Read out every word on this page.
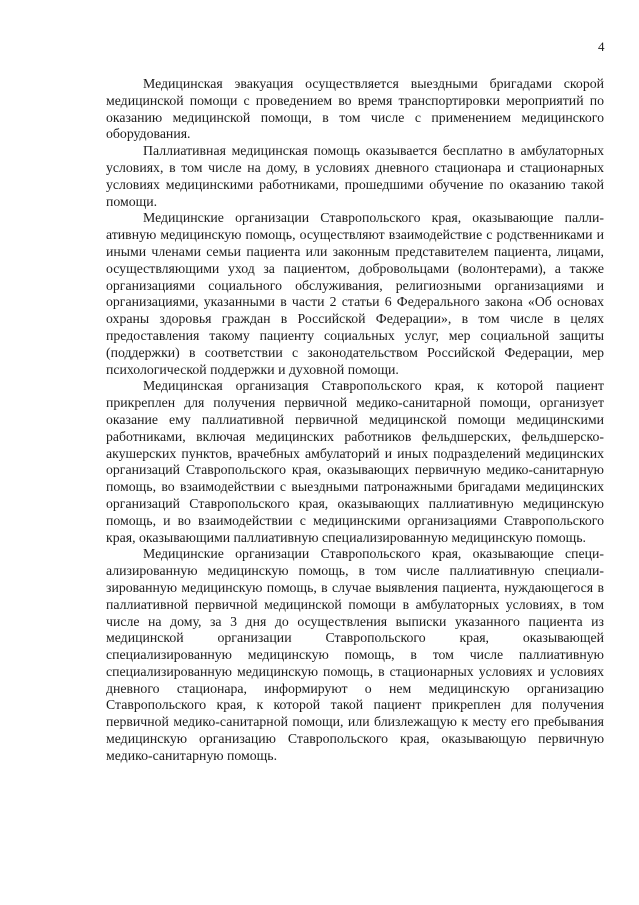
4

Медицинская эвакуация осуществляется выездными бригадами скорой медицинской помощи с проведением во время транспортировки мероприятий по оказанию медицинской помощи, в том числе с применением медицинского оборудования.

Паллиативная медицинская помощь оказывается бесплатно в амбулаторных условиях, в том числе на дому, в условиях дневного стационара и стационарных условиях медицинскими работниками, прошедшими обучение по оказанию такой помощи.

Медицинские организации Ставропольского края, оказывающие паллиативную медицинскую помощь, осуществляют взаимодействие с родственниками и иными членами семьи пациента или законным представителем пациента, лицами, осуществляющими уход за пациентом, добровольцами (волонтерами), а также организациями социального обслуживания, религиозными организациями и организациями, указанными в части 2 статьи 6 Федерального закона «Об основах охраны здоровья граждан в Российской Федерации», в том числе в целях предоставления такому пациенту социальных услуг, мер социальной защиты (поддержки) в соответствии с законодательством Российской Федерации, мер психологической поддержки и духовной помощи.

Медицинская организация Ставропольского края, к которой пациент прикреплен для получения первичной медико-санитарной помощи, организует оказание ему паллиативной первичной медицинской помощи медицинскими работниками, включая медицинских работников фельдшерских, фельдшерско-акушерских пунктов, врачебных амбулаторий и иных подразделений медицинских организаций Ставропольского края, оказывающих первичную медико-санитарную помощь, во взаимодействии с выездными патронажными бригадами медицинских организаций Ставропольского края, оказывающих паллиативную медицинскую помощь, и во взаимодействии с медицинскими организациями Ставропольского края, оказывающими паллиативную специализированную медицинскую помощь.

Медицинские организации Ставропольского края, оказывающие специализированную медицинскую помощь, в том числе паллиативную специализированную медицинскую помощь, в случае выявления пациента, нуждающегося в паллиативной первичной медицинской помощи в амбулаторных условиях, в том числе на дому, за 3 дня до осуществления выписки указанного пациента из медицинской организации Ставропольского края, оказывающей специализированную медицинскую помощь, в том числе паллиативную специализированную медицинскую помощь, в стационарных условиях и условиях дневного стационара, информируют о нем медицинскую организацию Ставропольского края, к которой такой пациент прикреплен для получения первичной медико-санитарной помощи, или близлежащую к месту его пребывания медицинскую организацию Ставропольского края, оказывающую первичную медико-санитарную помощь.
